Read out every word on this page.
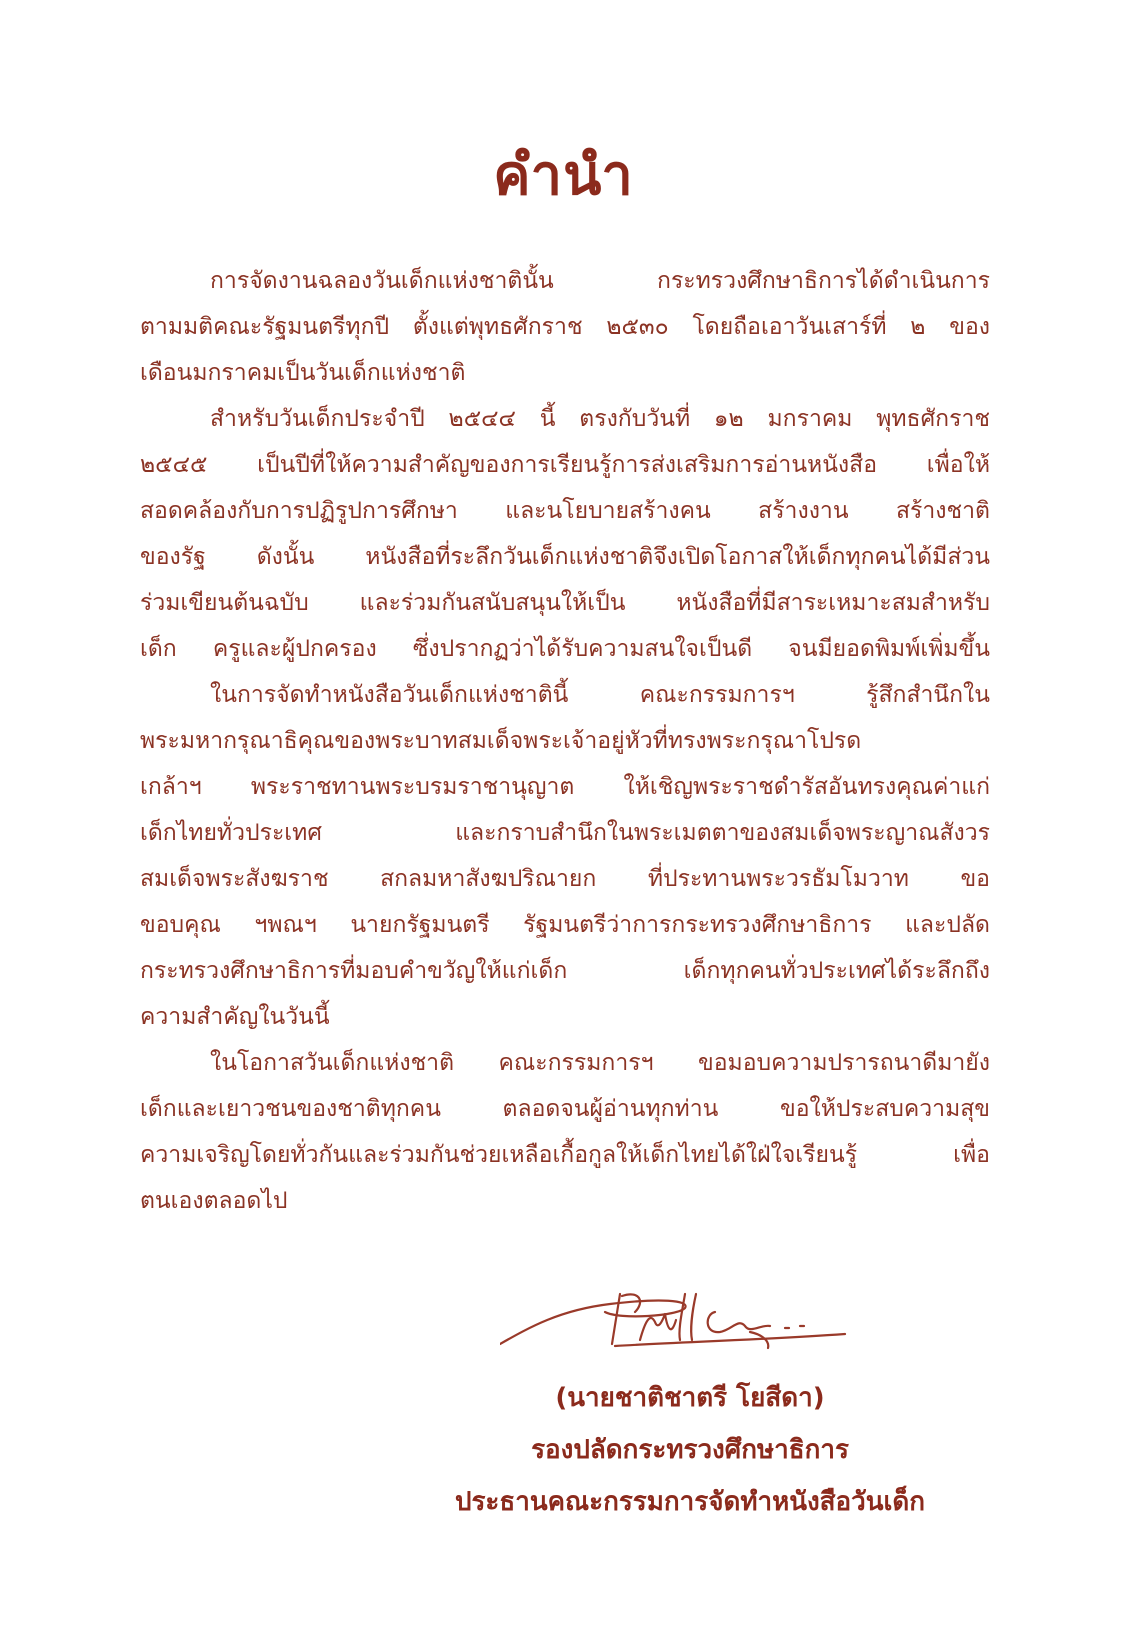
คำนำ
การจัดงานฉลองวันเด็กแห่งชาตินั้น กระทรวงศึกษาธิการได้ดำเนินการ
ตามมติคณะรัฐมนตรีทุกปี ตั้งแต่พุทธศักราช ๒๕๓๐ โดยถือเอาวันเสาร์ที่ ๒ ของ
เดือนมกราคมเป็นวันเด็กแห่งชาติ
สำหรับวันเด็กประจำปี ๒๕๔๔ นี้ ตรงกับวันที่ ๑๒ มกราคม พุทธศักราช
๒๕๔๕ เป็นปีที่ให้ความสำคัญของการเรียนรู้การส่งเสริมการอ่านหนังสือ เพื่อให้
สอดคล้องกับการปฏิรูปการศึกษา และนโยบายสร้างคน สร้างงาน สร้างชาติ
ของรัฐ ดังนั้น หนังสือที่ระลึกวันเด็กแห่งชาติจึงเปิดโอกาสให้เด็กทุกคนได้มีส่วน
ร่วมเขียนต้นฉบับ และร่วมกันสนับสนุนให้เป็น หนังสือที่มีสาระเหมาะสมสำหรับ
เด็ก ครูและผู้ปกครอง ซึ่งปรากฏว่าได้รับความสนใจเป็นดี จนมียอดพิมพ์เพิ่มขึ้น
ในการจัดทำหนังสือวันเด็กแห่งชาตินี้ คณะกรรมการฯ รู้สึกสำนึกใน
พระมหากรุณาธิคุณของพระบาทสมเด็จพระเจ้าอยู่หัวที่ทรงพระกรุณาโปรด
เกล้าฯ พระราชทานพระบรมราชานุญาต ให้เชิญพระราชดำรัสอันทรงคุณค่าแก่
เด็กไทยทั่วประเทศ และกราบสำนึกในพระเมตตาของสมเด็จพระญาณสังวร
สมเด็จพระสังฆราช สกลมหาสังฆปริณายก ที่ประทานพระวรธัมโมวาท ขอ
ขอบคุณ ฯพณฯ นายกรัฐมนตรี รัฐมนตรีว่าการกระทรวงศึกษาธิการ และปลัด
กระทรวงศึกษาธิการที่มอบคำขวัญให้แก่เด็ก เด็กทุกคนทั่วประเทศได้ระลึกถึง
ความสำคัญในวันนี้
ในโอกาสวันเด็กแห่งชาติ คณะกรรมการฯ ขอมอบความปรารถนาดีมายัง
เด็กและเยาวชนของชาติทุกคน ตลอดจนผู้อ่านทุกท่าน ขอให้ประสบความสุข
ความเจริญโดยทั่วกันและร่วมกันช่วยเหลือเกื้อกูลให้เด็กไทยได้ใฝ่ใจเรียนรู้ เพื่อ
ตนเองตลอดไป
(นายชาติชาตรี โยสีดา)
รองปลัดกระทรวงศึกษาธิการ
ประธานคณะกรรมการจัดทำหนังสือวันเด็ก
